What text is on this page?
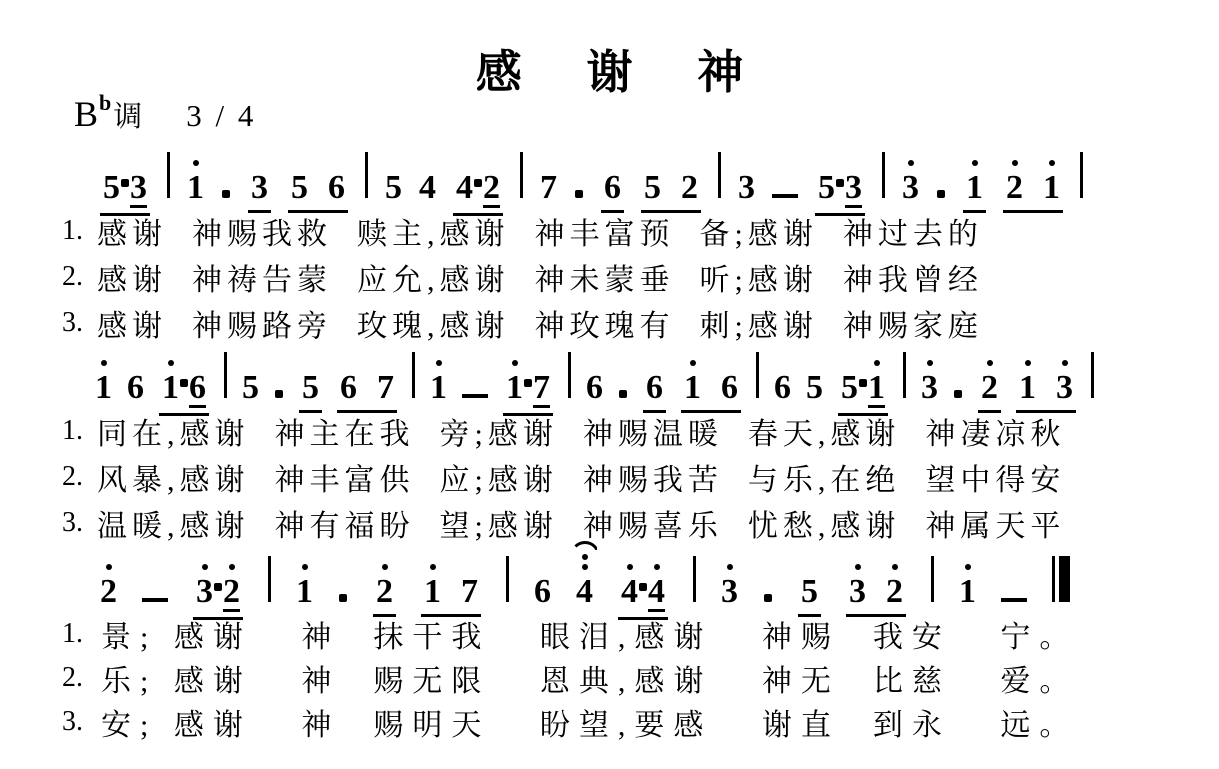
感 谢 神
$B^b$调 3 / 4
5 3 1 3 5 6 5 4 4 2 7 6 5 2 3 5 3 3 1 2 1
1. 感谢  神赐我救  赎主,感谢  神丰富预  备;感谢  神过去的
2. 感谢  神祷告蒙  应允,感谢  神未蒙垂  听;感谢  神我曾经
3. 感谢  神赐路旁  玫瑰,感谢  神玫瑰有  刺;感谢  神赐家庭
1 6 1 6 5 5 6 7 1 1 7 6 6 1 6 6 5 5 1 3 2 1 3
1. 同在,感谢  神主在我  旁;感谢  神赐温暖  春天,感谢  神凄凉秋
2. 风暴,感谢  神丰富供  应;感谢  神赐我苦  与乐,在绝  望中得安
3. 温暖,感谢  神有福盼  望;感谢  神赐喜乐  忧愁,感谢  神属天平
2 3 2 1 2 1 7 6 4 4 4 3 5 3 2 1
1. 景; 感谢   神  抹干我   眼泪,感谢   神赐  我安   宁。
2. 乐; 感谢   神  赐无限   恩典,感谢   神无  比慈   爱。
3. 安; 感谢   神  赐明天   盼望,要感   谢直  到永   远。
